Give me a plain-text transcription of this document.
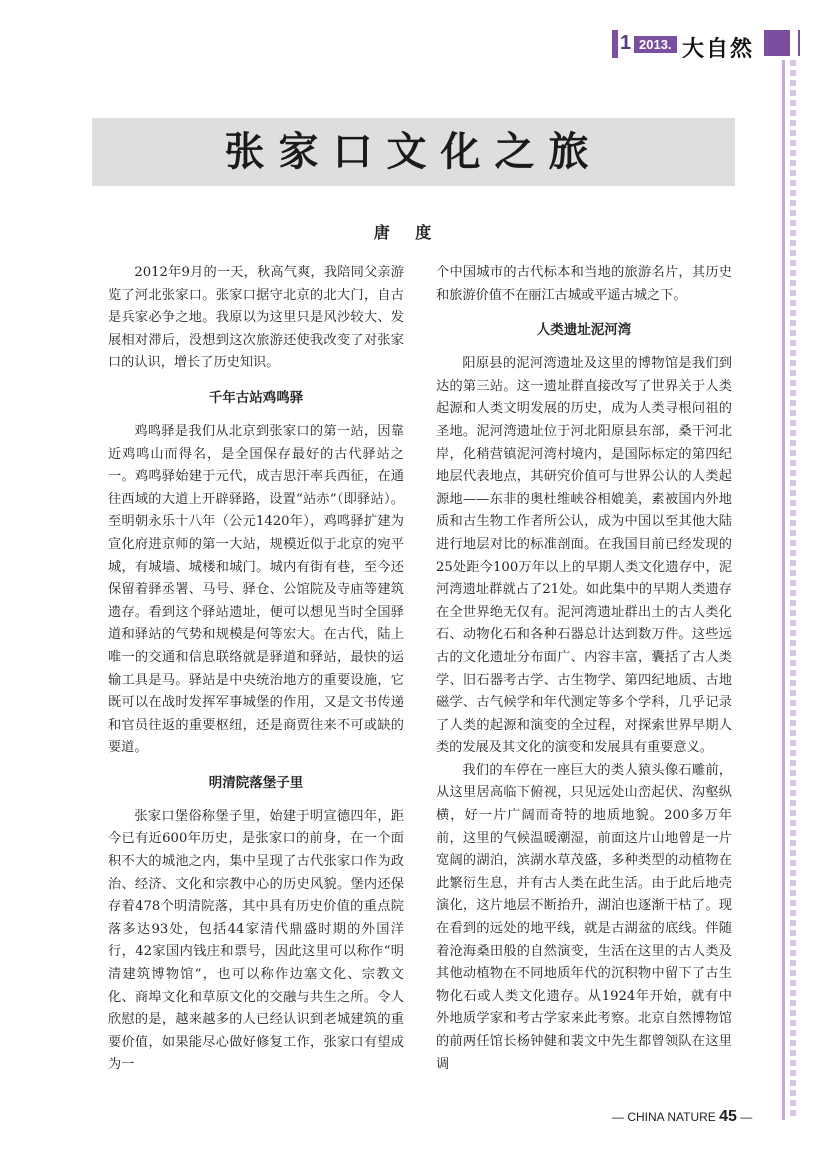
1 2013. 大自然
张家口文化之旅
唐 度

2012年9月的一天，秋高气爽，我陪同父亲游览了河北张家口。张家口据守北京的北大门，自古是兵家必争之地。我原以为这里只是风沙较大、发展相对滞后，没想到这次旅游还使我改变了对张家口的认识，增长了历史知识。

千年古站鸡鸣驿

鸡鸣驿是我们从北京到张家口的第一站，因靠近鸡鸣山而得名，是全国保存最好的古代驿站之一。鸡鸣驿始建于元代，成吉思汗率兵西征，在通往西域的大道上开辟驿路，设置“站赤”（即驿站）。至明朝永乐十八年（公元1420年），鸡鸣驿扩建为宣化府进京师的第一大站，规模近似于北京的宛平城，有城墙、城楼和城门。城内有街有巷，至今还保留着驿丞署、马号、驿仓、公馆院及寺庙等建筑遗存。看到这个驿站遗址，便可以想见当时全国驿道和驿站的气势和规模是何等宏大。在古代，陆上唯一的交通和信息联络就是驿道和驿站，最快的运输工具是马。驿站是中央统治地方的重要设施，它既可以在战时发挥军事城堡的作用，又是文书传递和官员往返的重要枢纽，还是商贾往来不可或缺的要道。

明清院落堡子里

张家口堡俗称堡子里，始建于明宣德四年，距今已有近600年历史，是张家口的前身，在一个面积不大的城池之内，集中呈现了古代张家口作为政治、经济、文化和宗教中心的历史风貌。堡内还保存着478个明清院落，其中具有历史价值的重点院落多达93处，包括44家清代鼎盛时期的外国洋行，42家国内钱庄和票号，因此这里可以称作“明清建筑博物馆”，也可以称作边塞文化、宗教文化、商埠文化和草原文化的交融与共生之所。令人欣慰的是，越来越多的人已经认识到老城建筑的重要价值，如果能尽心做好修复工作，张家口有望成为一

个中国城市的古代标本和当地的旅游名片，其历史和旅游价值不在丽江古城或平遥古城之下。

人类遗址泥河湾

阳原县的泥河湾遗址及这里的博物馆是我们到达的第三站。这一遗址群直接改写了世界关于人类起源和人类文明发展的历史，成为人类寻根问祖的圣地。泥河湾遗址位于河北阳原县东部，桑干河北岸，化稍营镇泥河湾村境内，是国际标定的第四纪地层代表地点，其研究价值可与世界公认的人类起源地——东非的奥杜维峡谷相媲美，素被国内外地质和古生物工作者所公认，成为中国以至其他大陆进行地层对比的标准剖面。在我国目前已经发现的25处距今100万年以上的早期人类文化遗存中，泥河湾遗址群就占了21处。如此集中的早期人类遗存在全世界绝无仅有。泥河湾遗址群出土的古人类化石、动物化石和各种石器总计达到数万件。这些远古的文化遗址分布面广、内容丰富，囊括了古人类学、旧石器考古学、古生物学、第四纪地质、古地磁学、古气候学和年代测定等多个学科，几乎记录了人类的起源和演变的全过程，对探索世界早期人类的发展及其文化的演变和发展具有重要意义。

我们的车停在一座巨大的类人猿头像石雕前，从这里居高临下俯视，只见远处山峦起伏、沟壑纵横，好一片广阔而奇特的地质地貌。200多万年前，这里的气候温暖潮湿，前面这片山地曾是一片宽阔的湖泊，滨湖水草茂盛，多种类型的动植物在此繁衍生息，并有古人类在此生活。由于此后地壳演化，这片地层不断抬升，湖泊也逐渐干枯了。现在看到的远处的地平线，就是古湖盆的底线。伴随着沧海桑田般的自然演变，生活在这里的古人类及其他动植物在不同地质年代的沉积物中留下了古生物化石或人类文化遗存。从1924年开始，就有中外地质学家和考古学家来此考察。北京自然博物馆的前两任馆长杨钟健和裴文中先生都曾领队在这里调

— CHINA NATURE 45 —
